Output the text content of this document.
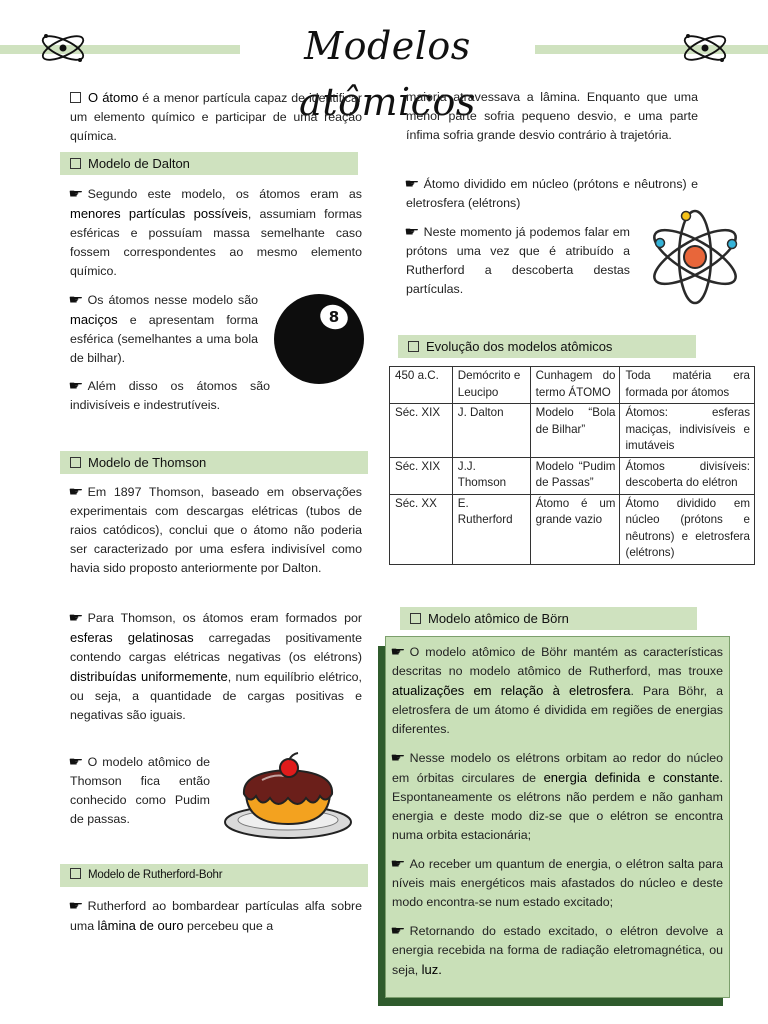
Modelos atômicos
O átomo é a menor partícula capaz de identificar um elemento químico e participar de uma reação química.
Modelo de Dalton
☛ Segundo este modelo, os átomos eram as menores partículas possíveis, assumiam formas esféricas e possuíam massa semelhante caso fossem correspondentes ao mesmo elemento químico.
☛ Os átomos nesse modelo são maciços e apresentam forma esférica (semelhantes a uma bola de bilhar).
8
☛ Além disso os átomos são indivisíveis e indestrutíveis.
Modelo de Thomson
☛ Em 1897 Thomson, baseado em observações experimentais com descargas elétricas (tubos de raios catódicos), conclui que o átomo não poderia ser caracterizado por uma esfera indivisível como havia sido proposto anteriormente por Dalton.
☛ Para Thomson, os átomos eram formados por esferas gelatinosas carregadas positivamente contendo cargas elétricas negativas (os elétrons) distribuídas uniformemente, num equilíbrio elétrico, ou seja, a quantidade de cargas positivas e negativas são iguais.
☛ O modelo atômico de Thomson fica então conhecido como Pudim de passas.
Modelo de Rutherford-Bohr
☛ Rutherford ao bombardear partículas alfa sobre uma lâmina de ouro percebeu que a
maioria atravessava a lâmina. Enquanto que uma menor parte sofria pequeno desvio, e uma parte ínfima sofria grande desvio contrário à trajetória.
☛ Átomo dividido em núcleo (prótons e nêutrons) e eletrosfera (elétrons)
☛ Neste momento já podemos falar em prótons uma vez que é atribuído a Rutherford a descoberta destas partículas.
Evolução dos modelos atômicos
450 a.C.	Demócrito e Leucipo	Cunhagem do termo ÁTOMO	Toda matéria era formada por átomos
Séc. XIX	J. Dalton	Modelo “Bola de Bilhar”	Átomos: esferas maciças, indivisíveis e imutáveis
Séc. XIX	J.J. Thomson	Modelo “Pudim de Passas”	Átomos divisíveis: descoberta do elétron
Séc. XX	E. Rutherford	Átomo é um grande vazio	Átomo dividido em núcleo (prótons e nêutrons) e eletrosfera (elétrons)
Modelo atômico de Börn
☛ O modelo atômico de Böhr mantém as características descritas no modelo atômico de Rutherford, mas trouxe atualizações em relação à eletrosfera. Para Böhr, a eletrosfera de um átomo é dividida em regiões de energias diferentes.
☛ Nesse modelo os elétrons orbitam ao redor do núcleo em órbitas circulares de energia definida e constante. Espontaneamente os elétrons não perdem e não ganham energia e deste modo diz-se que o elétron se encontra numa orbita estacionária;
☛ Ao receber um quantum de energia, o elétron salta para níveis mais energéticos mais afastados do núcleo e deste modo encontra-se num estado excitado;
☛ Retornando do estado excitado, o elétron devolve a energia recebida na forma de radiação eletromagnética, ou seja, luz.
